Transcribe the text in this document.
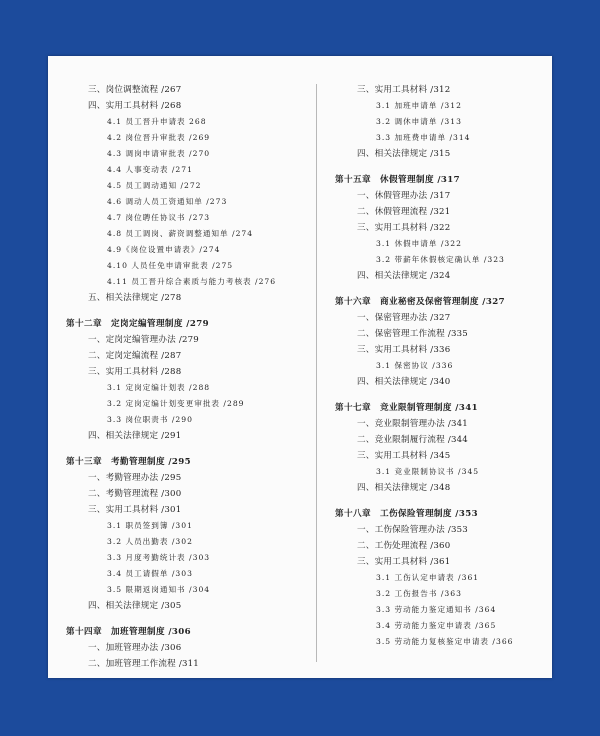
三、岗位调整流程 /267
四、实用工具材料 /268
4.1 员工晋升申请表 268
4.2 岗位晋升审批表 /269
4.3 调岗申请审批表 /270
4.4 人事变动表 /271
4.5 员工调动通知 /272
4.6 调动人员工资通知单 /273
4.7 岗位聘任协议书 /273
4.8 员工调岗、薪资调整通知单 /274
4.9《岗位设置申请表》/274
4.10 人员任免申请审批表 /275
4.11 员工晋升综合素质与能力考核表 /276
五、相关法律规定 /278
第十二章　定岗定编管理制度 /279
一、定岗定编管理办法 /279
二、定岗定编流程 /287
三、实用工具材料 /288
3.1 定岗定编计划表 /288
3.2 定岗定编计划变更审批表 /289
3.3 岗位职责书 /290
四、相关法律规定 /291
第十三章　考勤管理制度 /295
一、考勤管理办法 /295
二、考勤管理流程 /300
三、实用工具材料 /301
3.1 职员签到簿 /301
3.2 人员出勤表 /302
3.3 月度考勤统计表 /303
3.4 员工请假单 /303
3.5 限期返岗通知书 /304
四、相关法律规定 /305
第十四章　加班管理制度 /306
一、加班管理办法 /306
二、加班管理工作流程 /311
三、实用工具材料 /312
3.1 加班申请单 /312
3.2 调休申请单 /313
3.3 加班费申请单 /314
四、相关法律规定 /315
第十五章　休假管理制度 /317
一、休假管理办法 /317
二、休假管理流程 /321
三、实用工具材料 /322
3.1 休假申请单 /322
3.2 带薪年休假核定确认单 /323
四、相关法律规定 /324
第十六章　商业秘密及保密管理制度 /327
一、保密管理办法 /327
二、保密管理工作流程 /335
三、实用工具材料 /336
3.1 保密协议 /336
四、相关法律规定 /340
第十七章　竞业限制管理制度 /341
一、竞业限制管理办法 /341
二、竞业限制履行流程 /344
三、实用工具材料 /345
3.1 竞业限制协议书 /345
四、相关法律规定 /348
第十八章　工伤保险管理制度 /353
一、工伤保险管理办法 /353
二、工伤处理流程 /360
三、实用工具材料 /361
3.1 工伤认定申请表 /361
3.2 工伤报告书 /363
3.3 劳动能力鉴定通知书 /364
3.4 劳动能力鉴定申请表 /365
3.5 劳动能力复核鉴定申请表 /366
